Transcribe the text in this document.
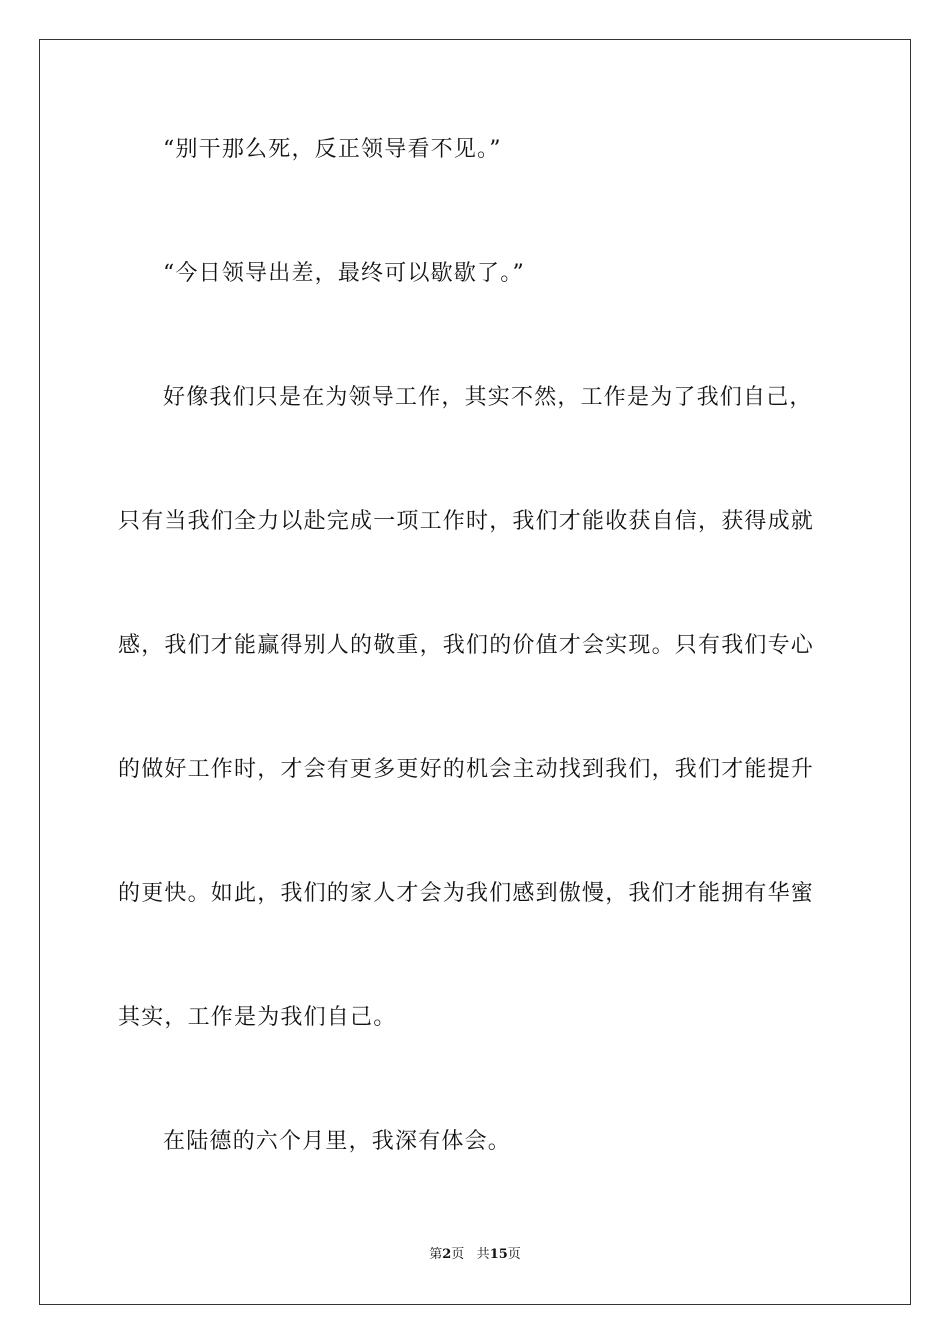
“别干那么死，反正领导看不见。”
“今日领导出差，最终可以歇歇了。”
好像我们只是在为领导工作，其实不然，工作是为了我们自己，
只有当我们全力以赴完成一项工作时，我们才能收获自信，获得成就
感，我们才能赢得别人的敬重，我们的价值才会实现。只有我们专心
的做好工作时，才会有更多更好的机会主动找到我们，我们才能提升
的更快。如此，我们的家人才会为我们感到傲慢，我们才能拥有华蜜
其实，工作是为我们自己。
在陆德的六个月里，我深有体会。
第2页 共15页
